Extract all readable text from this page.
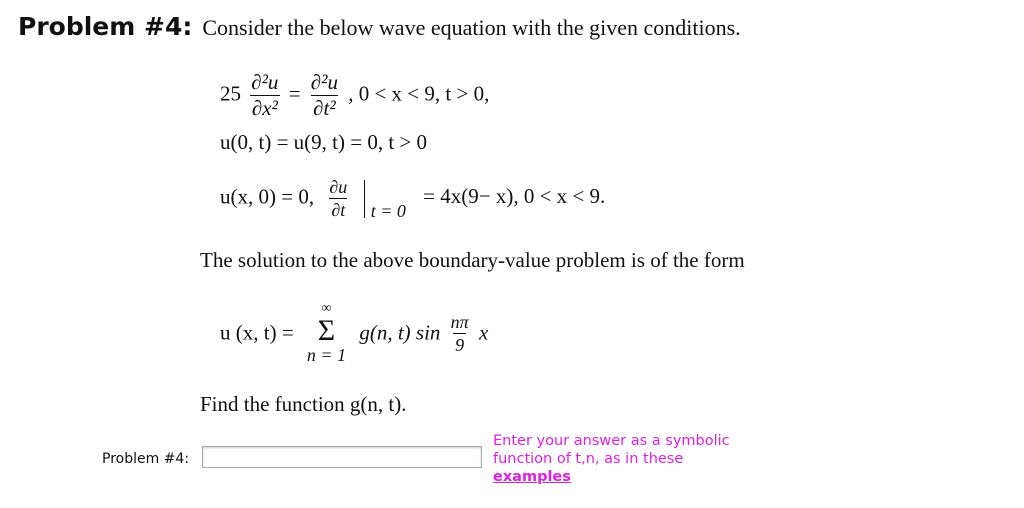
Problem #4: Consider the below wave equation with the given conditions.
$25 \frac{\text{∂²u}}{\text{∂x²}} = \frac{\text{∂²u}}{\text{∂t²}}$ , 0 < x < 9, t > 0,
u(0, t) = u(9, t) = 0, t > 0
u(x, 0) = 0, $\frac{\partial u}{\partial t}$ t = 0 = 4x(9− x), 0 < x < 9.
The solution to the above boundary-value problem is of the form
u (x, t) =
∞
Σ
n = 1
g(n, t) $\sin \frac{n\pi}{9}$ x
Find the function g(n, t).
Problem #4:
Enter your answer as a symbolic
function of t,n, as in these
examples
